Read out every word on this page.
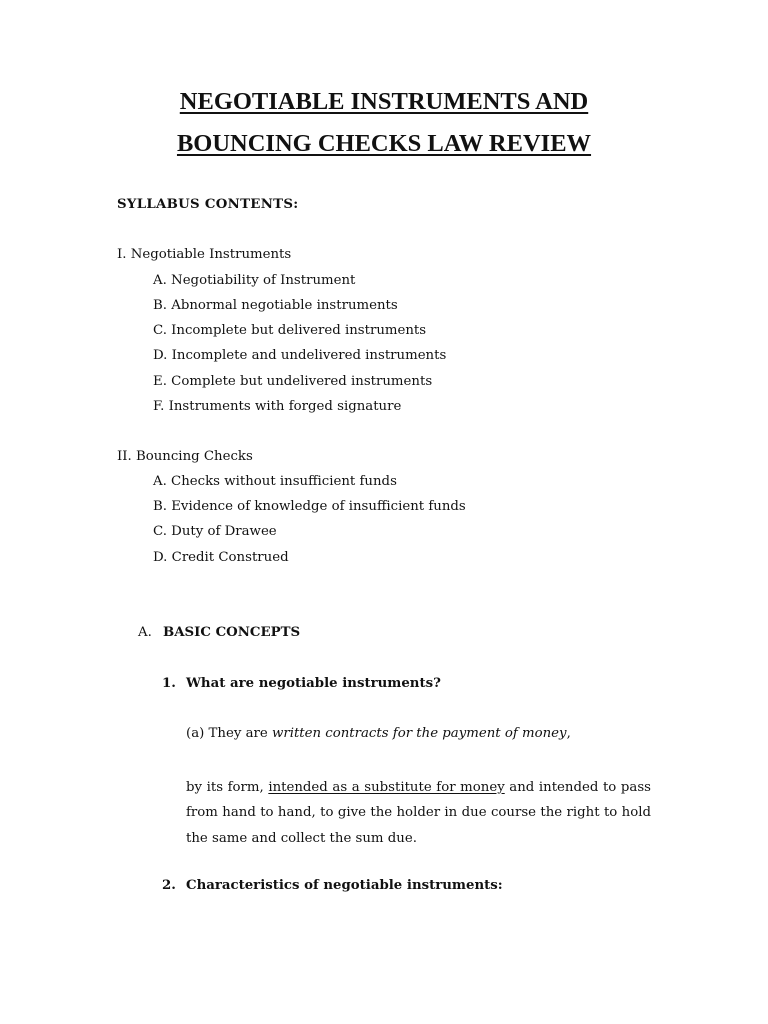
NEGOTIABLE INSTRUMENTS AND
BOUNCING CHECKS LAW REVIEW
SYLLABUS CONTENTS:
I. Negotiable Instruments
A. Negotiability of Instrument
B. Abnormal negotiable instruments
C. Incomplete but delivered instruments
D. Incomplete and undelivered instruments
E. Complete but undelivered instruments
F. Instruments with forged signature
II. Bouncing Checks
A. Checks without insufficient funds
B. Evidence of knowledge of insufficient funds
C. Duty of Drawee
D. Credit Construed
A. BASIC CONCEPTS
1. What are negotiable instruments?
(a) They are written contracts for the payment of money,
by its form, intended as a substitute for money and intended to pass from hand to hand, to give the holder in due course the right to hold the same and collect the sum due.
2. Characteristics of negotiable instruments:
